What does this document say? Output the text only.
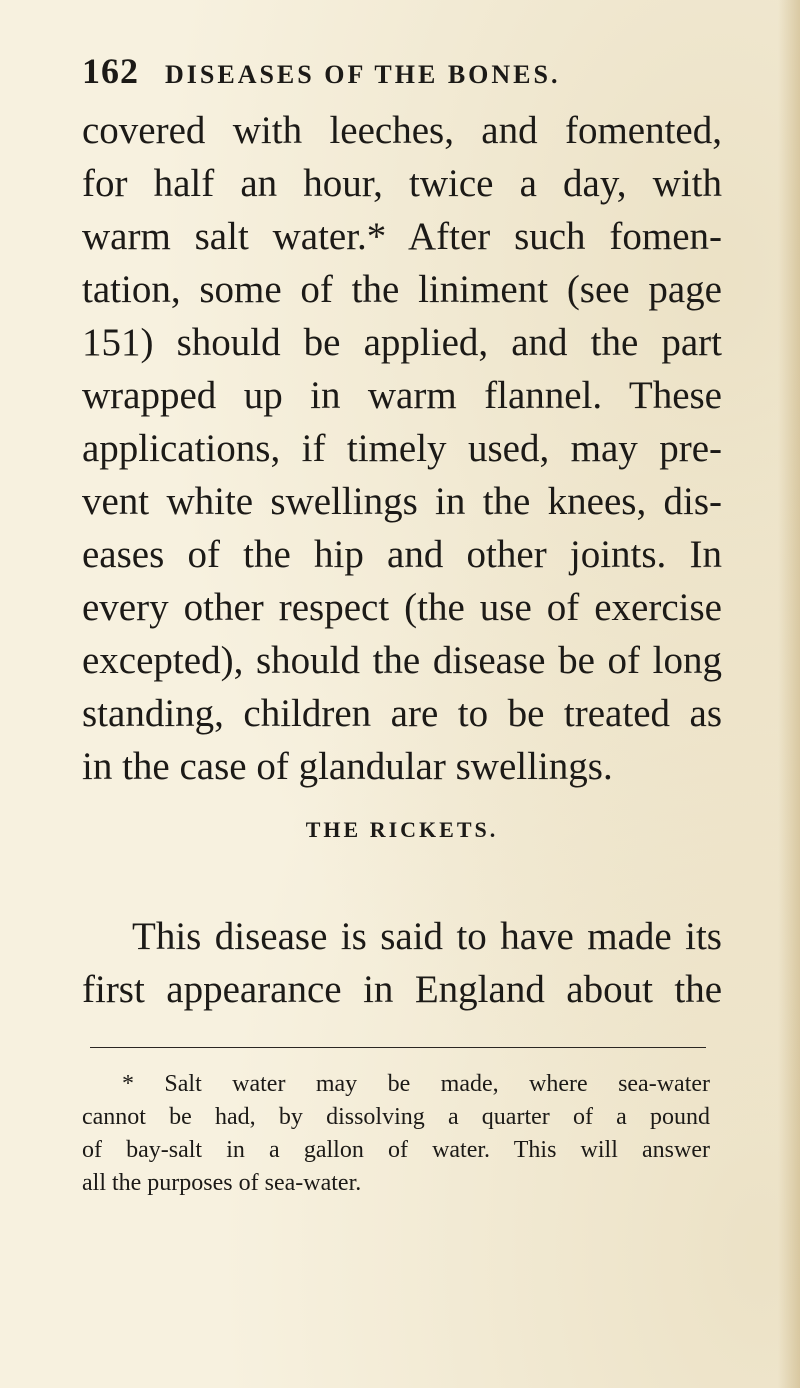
162 DISEASES OF THE BONES.
covered with leeches, and fomented,
for half an hour, twice a day, with
warm salt water.* After such fomen-
tation, some of the liniment (see page
151) should be applied, and the part
wrapped up in warm flannel. These
applications, if timely used, may pre-
vent white swellings in the knees, dis-
eases of the hip and other joints. In
every other respect (the use of exercise
excepted), should the disease be of long
standing, children are to be treated as
in the case of glandular swellings.
THE RICKETS.
This disease is said to have made its
first appearance in England about the
* Salt water may be made, where sea-water
cannot be had, by dissolving a quarter of a pound
of bay-salt in a gallon of water. This will answer
all the purposes of sea-water.
